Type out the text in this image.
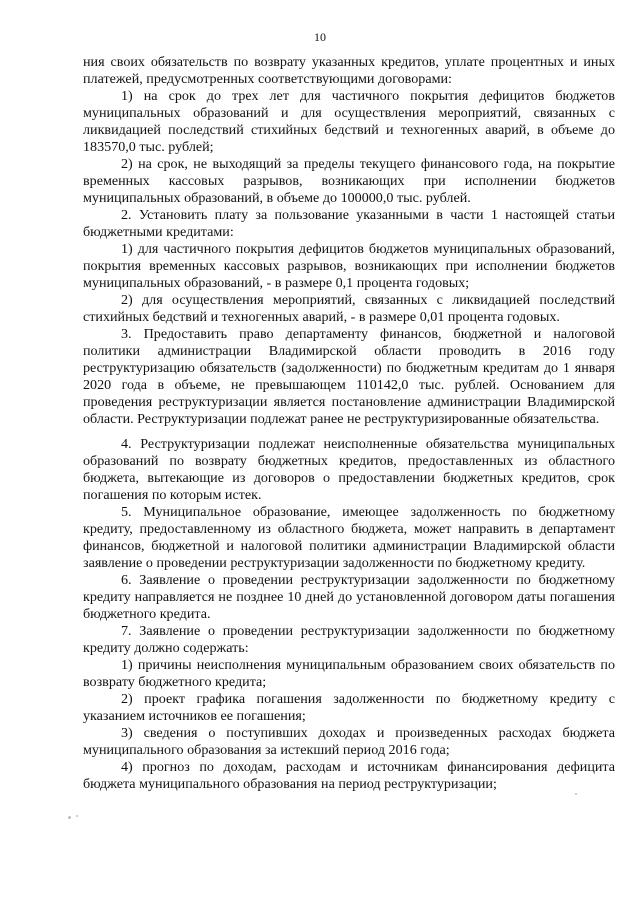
10

ния своих обязательств по возврату указанных кредитов, уплате процентных и иных платежей, предусмотренных соответствующими договорами:

1) на срок до трех лет для частичного покрытия дефицитов бюджетов муниципальных образований и для осуществления мероприятий, связанных с ликвидацией последствий стихийных бедствий и техногенных аварий, в объеме до 183570,0 тыс. рублей;

2) на срок, не выходящий за пределы текущего финансового года, на покрытие временных кассовых разрывов, возникающих при исполнении бюджетов муниципальных образований, в объеме до 100000,0 тыс. рублей.

2. Установить плату за пользование указанными в части 1 настоящей статьи бюджетными кредитами:

1) для частичного покрытия дефицитов бюджетов муниципальных образований, покрытия временных кассовых разрывов, возникающих при исполнении бюджетов муниципальных образований, - в размере 0,1 процента годовых;

2) для осуществления мероприятий, связанных с ликвидацией последствий стихийных бедствий и техногенных аварий, - в размере 0,01 процента годовых.

3. Предоставить право департаменту финансов, бюджетной и налоговой политики администрации Владимирской области проводить в 2016 году реструктуризацию обязательств (задолженности) по бюджетным кредитам до 1 января 2020 года в объеме, не превышающем 110142,0 тыс. рублей. Основанием для проведения реструктуризации является постановление администрации Владимирской области. Реструктуризации подлежат ранее не реструктуризированные обязательства.

4. Реструктуризации подлежат неисполненные обязательства муниципальных образований по возврату бюджетных кредитов, предоставленных из областного бюджета, вытекающие из договоров о предоставлении бюджетных кредитов, срок погашения по которым истек.

5. Муниципальное образование, имеющее задолженность по бюджетному кредиту, предоставленному из областного бюджета, может направить в департамент финансов, бюджетной и налоговой политики администрации Владимирской области заявление о проведении реструктуризации задолженности по бюджетному кредиту.

6. Заявление о проведении реструктуризации задолженности по бюджетному кредиту направляется не позднее 10 дней до установленной договором даты погашения бюджетного кредита.

7. Заявление о проведении реструктуризации задолженности по бюджетному кредиту должно содержать:

1) причины неисполнения муниципальным образованием своих обязательств по возврату бюджетного кредита;

2) проект графика погашения задолженности по бюджетному кредиту с указанием источников ее погашения;

3) сведения о поступивших доходах и произведенных расходах бюджета муниципального образования за истекший период 2016 года;

4) прогноз по доходам, расходам и источникам финансирования дефицита бюджета муниципального образования на период реструктуризации;
